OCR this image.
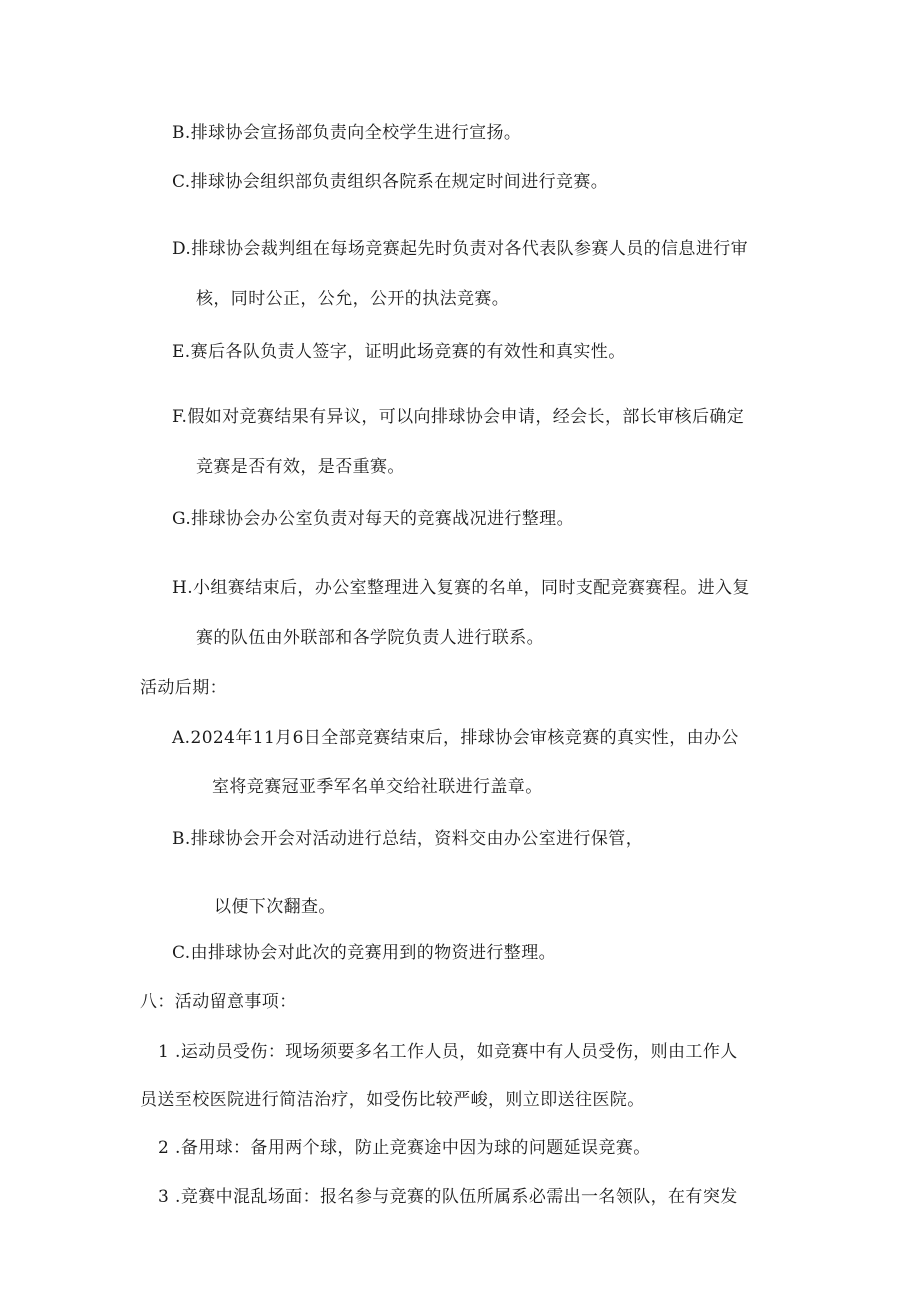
B.排球协会宣扬部负责向全校学生进行宣扬。
C.排球协会组织部负责组织各院系在规定时间进行竞赛。
D.排球协会裁判组在每场竞赛起先时负责对各代表队参赛人员的信息进行审
核，同时公正，公允，公开的执法竞赛。
E.赛后各队负责人签字，证明此场竞赛的有效性和真实性。
F.假如对竞赛结果有异议，可以向排球协会申请，经会长，部长审核后确定
竞赛是否有效，是否重赛。
G.排球协会办公室负责对每天的竞赛战况进行整理。
H.小组赛结束后，办公室整理进入复赛的名单，同时支配竞赛赛程。进入复
赛的队伍由外联部和各学院负责人进行联系。
活动后期：
A.2024年11月6日全部竞赛结束后，排球协会审核竞赛的真实性，由办公
室将竞赛冠亚季军名单交给社联进行盖章。
B.排球协会开会对活动进行总结，资料交由办公室进行保管，
以便下次翻查。
C.由排球协会对此次的竞赛用到的物资进行整理。
八：活动留意事项：
1 .运动员受伤：现场须要多名工作人员，如竞赛中有人员受伤，则由工作人
员送至校医院进行简洁治疗，如受伤比较严峻，则立即送往医院。
2 .备用球：备用两个球，防止竞赛途中因为球的问题延误竞赛。
3 .竞赛中混乱场面：报名参与竞赛的队伍所属系必需出一名领队，在有突发
